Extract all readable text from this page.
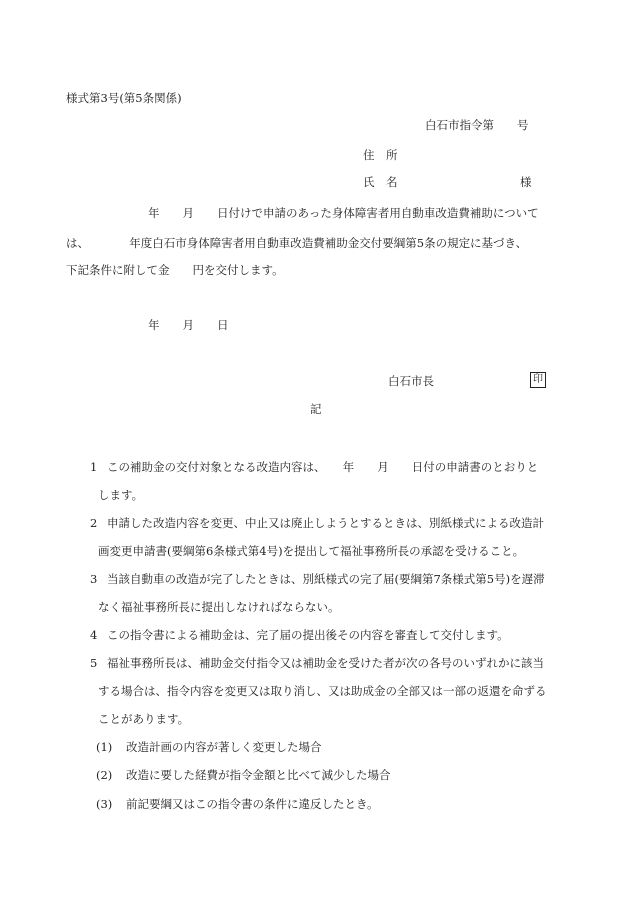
様式第3号(第5条関係)
白石市指令第　　号
住　所
氏　名	様
年　　月　　日付けで申請のあった身体障害者用自動車改造費補助について
は、　　　　年度白石市身体障害者用自動車改造費補助金交付要綱第5条の規定に基づき、
下記条件に附して金　　円を交付します。
年　　月　　日
白石市長	印
記
1 この補助金の交付対象となる改造内容は、　　年　　月　　日付の申請書のとおりと
します。
2 申請した改造内容を変更、中止又は廃止しようとするときは、別紙様式による改造計
画変更申請書(要綱第6条様式第4号)を提出して福祉事務所長の承認を受けること。
3 当該自動車の改造が完了したときは、別紙様式の完了届(要綱第7条様式第5号)を遅滞
なく福祉事務所長に提出しなければならない。
4 この指令書による補助金は、完了届の提出後その内容を審査して交付します。
5 福祉事務所長は、補助金交付指令又は補助金を受けた者が次の各号のいずれかに該当
する場合は、指令内容を変更又は取り消し、又は助成金の全部又は一部の返還を命ずる
ことがあります。
(1) 改造計画の内容が著しく変更した場合
(2) 改造に要した経費が指令金額と比べて減少した場合
(3) 前記要綱又はこの指令書の条件に違反したとき。
